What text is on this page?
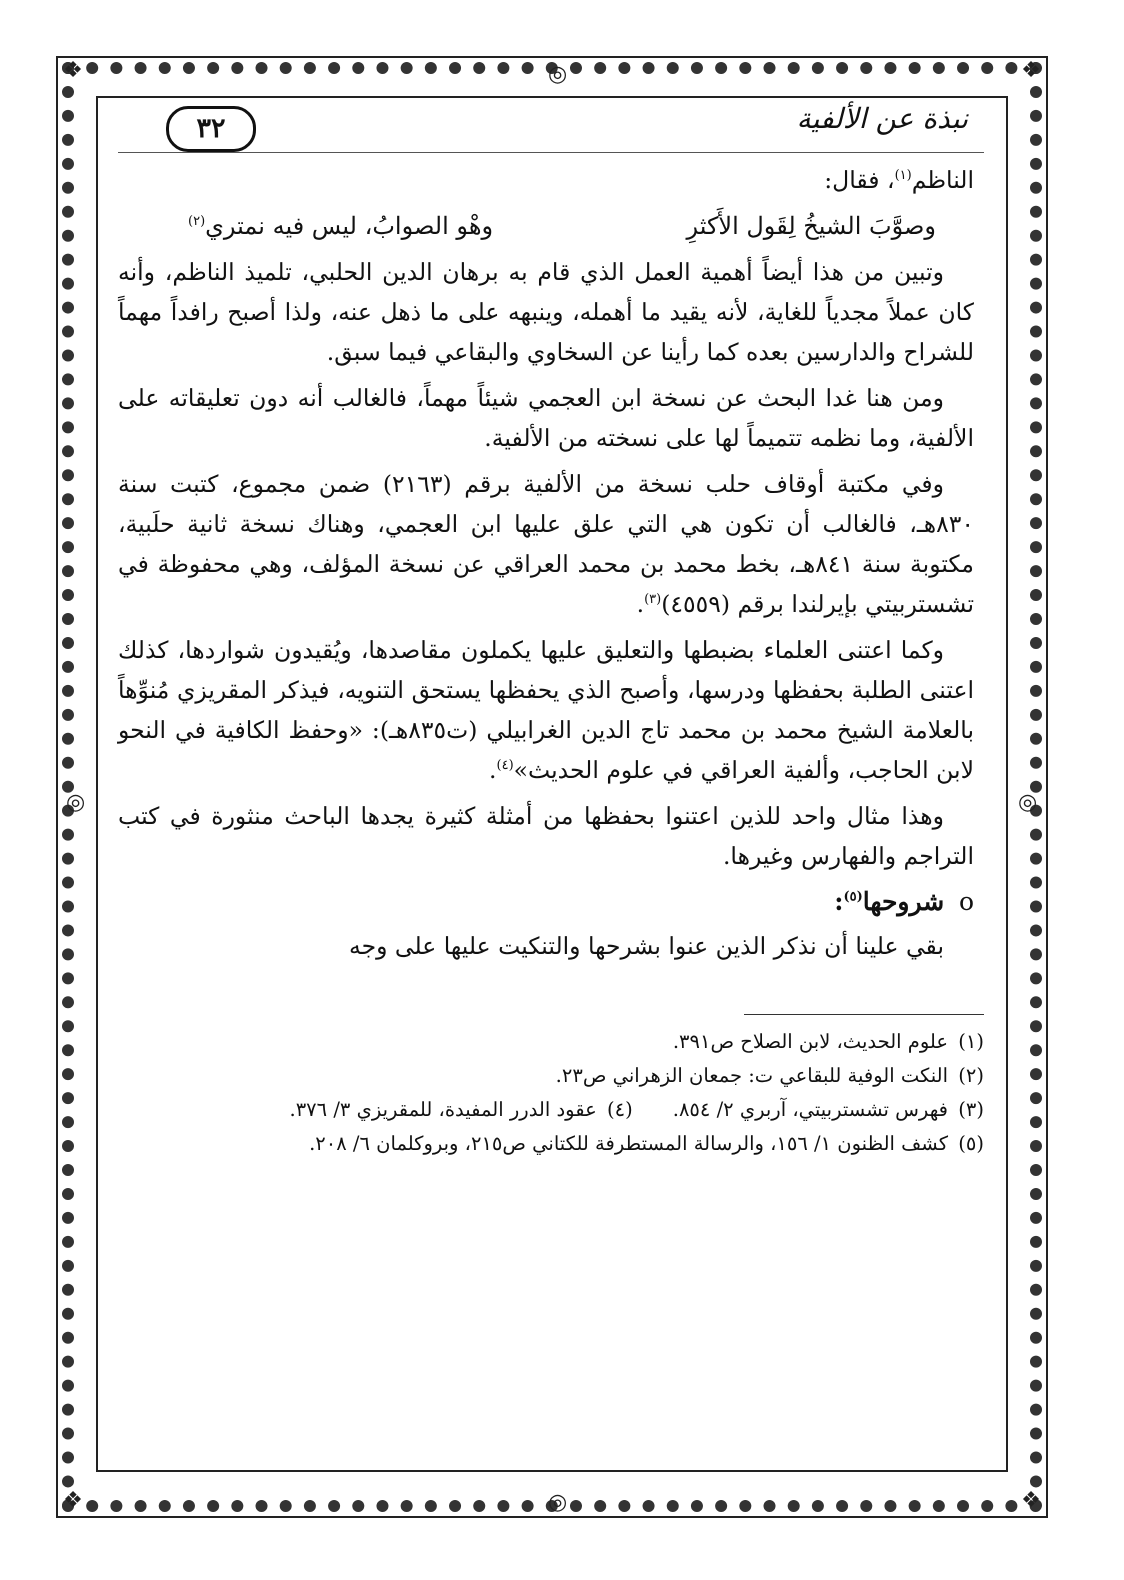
❖	❖
❖	❖
◎
◎
◎	◎
نبذة عن الألفية
٣٢

الناظم$^{(١)}$، فقال:

وصوَّبَ الشيخُ لِقَول الأَكثرِ
وهْو الصوابُ، ليس فيه نمتري$^{(٢)}$

وتبين من هذا أيضاً أهمية العمل الذي قام به برهان الدين الحلبي، تلميذ الناظم، وأنه كان عملاً مجدياً للغاية، لأنه يقيد ما أهمله، وينبهه على ما ذهل عنه، ولذا أصبح رافداً مهماً للشراح والدارسين بعده كما رأينا عن السخاوي والبقاعي فيما سبق.

ومن هنا غدا البحث عن نسخة ابن العجمي شيئاً مهماً، فالغالب أنه دون تعليقاته على الألفية، وما نظمه تتميماً لها على نسخته من الألفية.

وفي مكتبة أوقاف حلب نسخة من الألفية برقم (٢١٦٣) ضمن مجموع، كتبت سنة ٨٣٠هـ، فالغالب أن تكون هي التي علق عليها ابن العجمي، وهناك نسخة ثانية حلَبية، مكتوبة سنة ٨٤١هـ، بخط محمد بن محمد العراقي عن نسخة المؤلف، وهي محفوظة في تشستربيتي بإيرلندا برقم (٤٥٥٩)$^{(٣)}$.

وكما اعتنى العلماء بضبطها والتعليق عليها يكملون مقاصدها، ويُقيدون شواردها، كذلك اعتنى الطلبة بحفظها ودرسها، وأصبح الذي يحفظها يستحق التنويه، فيذكر المقريزي مُنوِّهاً بالعلامة الشيخ محمد بن محمد تاج الدين الغرابيلي (ت٨٣٥هـ): «وحفظ الكافية في النحو لابن الحاجب، وألفية العراقي في علوم الحديث»$^{(٤)}$.

وهذا مثال واحد للذين اعتنوا بحفظها من أمثلة كثيرة يجدها الباحث منثورة في كتب التراجم والفهارس وغيرها.

o شروحها$^{(٥)}$:

بقي علينا أن نذكر الذين عنوا بشرحها والتنكيت عليها على وجه

(١)
علوم الحديث، لابن الصلاح ص٣٩١.
(٢)
النكت الوفية للبقاعي ت: جمعان الزهراني ص٢٣.
(٣)
فهرس تشستربيتي، آربري ٢/ ٨٥٤.
(٤)
عقود الدرر المفيدة، للمقريزي ٣/ ٣٧٦.
(٥)
كشف الظنون ١/ ١٥٦، والرسالة المستطرفة للكتاني ص٢١٥، وبروكلمان ٦/ ٢٠٨.
